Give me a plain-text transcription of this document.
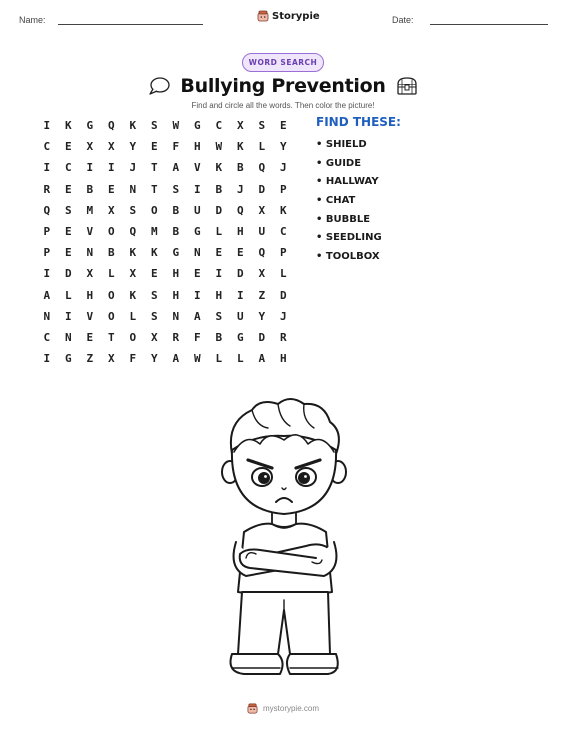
Name:	Storypie	Date:
WORD SEARCH
Bullying Prevention
Find and circle all the words. Then color the picture!
I	K	G	Q	K	S	W	G	C	X	S	E
C	E	X	X	Y	E	F	H	W	K	L	Y
I	C	I	I	J	T	A	V	K	B	Q	J
R	E	B	E	N	T	S	I	B	J	D	P
Q	S	M	X	S	O	B	U	D	Q	X	K
P	E	V	O	Q	M	B	G	L	H	U	C
P	E	N	B	K	K	G	N	E	E	Q	P
I	D	X	L	X	E	H	E	I	D	X	L
A	L	H	O	K	S	H	I	H	I	Z	D
N	I	V	O	L	S	N	A	S	U	Y	J
C	N	E	T	O	X	R	F	B	G	D	R
I	G	Z	X	F	Y	A	W	L	L	A	H
FIND THESE:
• SHIELD
• GUIDE
• HALLWAY
• CHAT
• BUBBLE
• SEEDLING
• TOOLBOX
mystorypie.com
